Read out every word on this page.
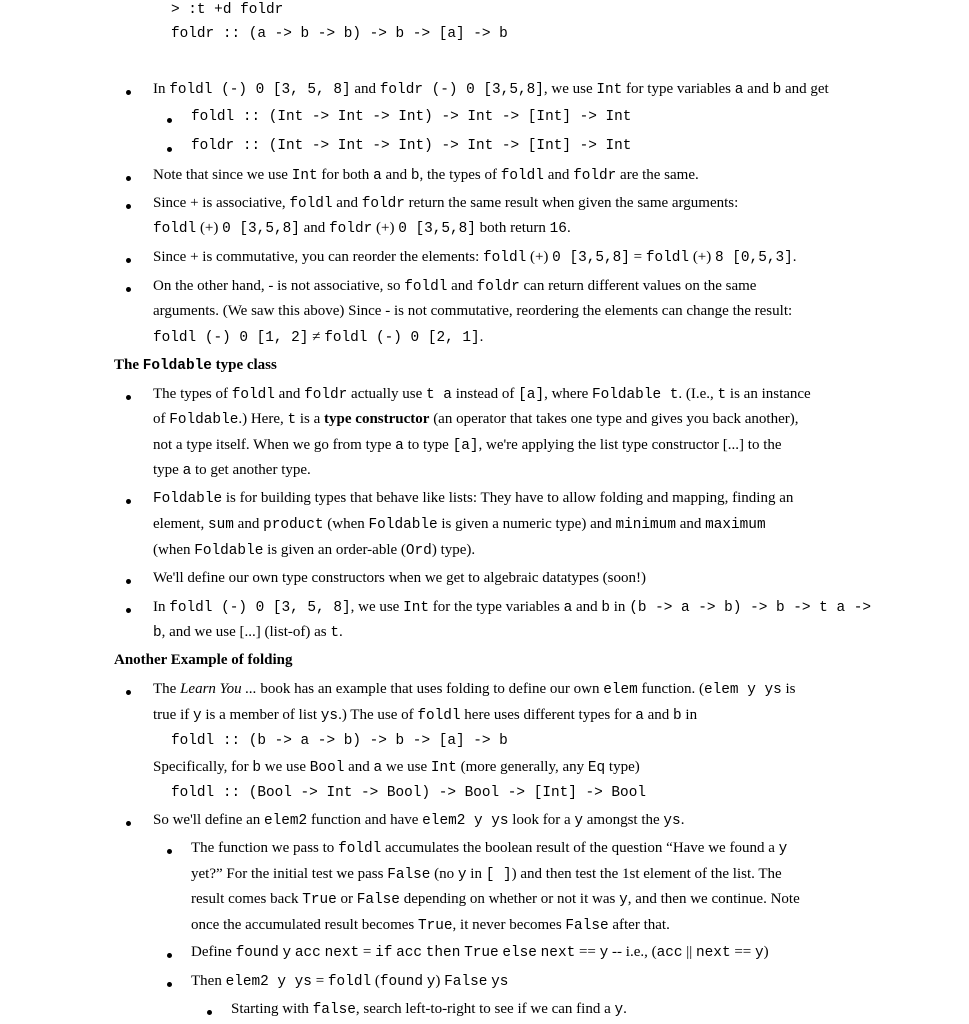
> :t +d foldr
foldr :: (a -> b -> b) -> b -> [a] -> b
In foldl (-) 0 [3, 5, 8] and foldr (-) 0 [3,5,8], we use Int for type variables a and b and get
foldl :: (Int -> Int -> Int) -> Int -> [Int] -> Int
foldr :: (Int -> Int -> Int) -> Int -> [Int] -> Int
Note that since we use Int for both a and b, the types of foldl and foldr are the same.
Since + is associative, foldl and foldr return the same result when given the same arguments:
foldl (+) 0 [3,5,8] and foldr (+) 0 [3,5,8] both return 16.
Since + is commutative, you can reorder the elements: foldl (+) 0 [3,5,8] = foldl (+) 8 [0,5,3].
On the other hand, - is not associative, so foldl and foldr can return different values on the same
arguments. (We saw this above) Since - is not commutative, reordering the elements can change the result:
foldl (-) 0 [1, 2] ≠ foldl (-) 0 [2, 1].
The Foldable type class
The types of foldl and foldr actually use t a instead of [a], where Foldable t. (I.e., t is an instance
of Foldable.) Here, t is a type constructor (an operator that takes one type and gives you back another),
not a type itself. When we go from type a to type [a], we're applying the list type constructor [...] to the
type a to get another type.
Foldable is for building types that behave like lists: They have to allow folding and mapping, finding an
element, sum and product (when Foldable is given a numeric type) and minimum and maximum
(when Foldable is given an order-able (Ord) type).
We'll define our own type constructors when we get to algebraic datatypes (soon!)
In foldl (-) 0 [3, 5, 8], we use Int for the type variables a and b in (b -> a -> b) -> b -> t a ->
b, and we use [...] (list-of) as t.
Another Example of folding
The Learn You ... book has an example that uses folding to define our own elem function. (elem y ys is
true if y is a member of list ys.) The use of foldl here uses different types for a and b in
foldl :: (b -> a -> b) -> b -> [a] -> b
Specifically, for b we use Bool and a we use Int (more generally, any Eq type)
foldl :: (Bool -> Int -> Bool) -> Bool -> [Int] -> Bool
So we'll define an elem2 function and have elem2 y ys look for a y amongst the ys.
The function we pass to foldl accumulates the boolean result of the question “Have we found a y
yet?” For the initial test we pass False (no y in [ ]) and then test the 1st element of the list. The
result comes back True or False depending on whether or not it was y, and then we continue. Note
once the accumulated result becomes True, it never becomes False after that.
Define found y acc next = if acc then True else next == y -- i.e., (acc || next == y)
Then elem2 y ys = foldl (found y) False ys
Starting with false, search left-to-right to see if we can find a y.
